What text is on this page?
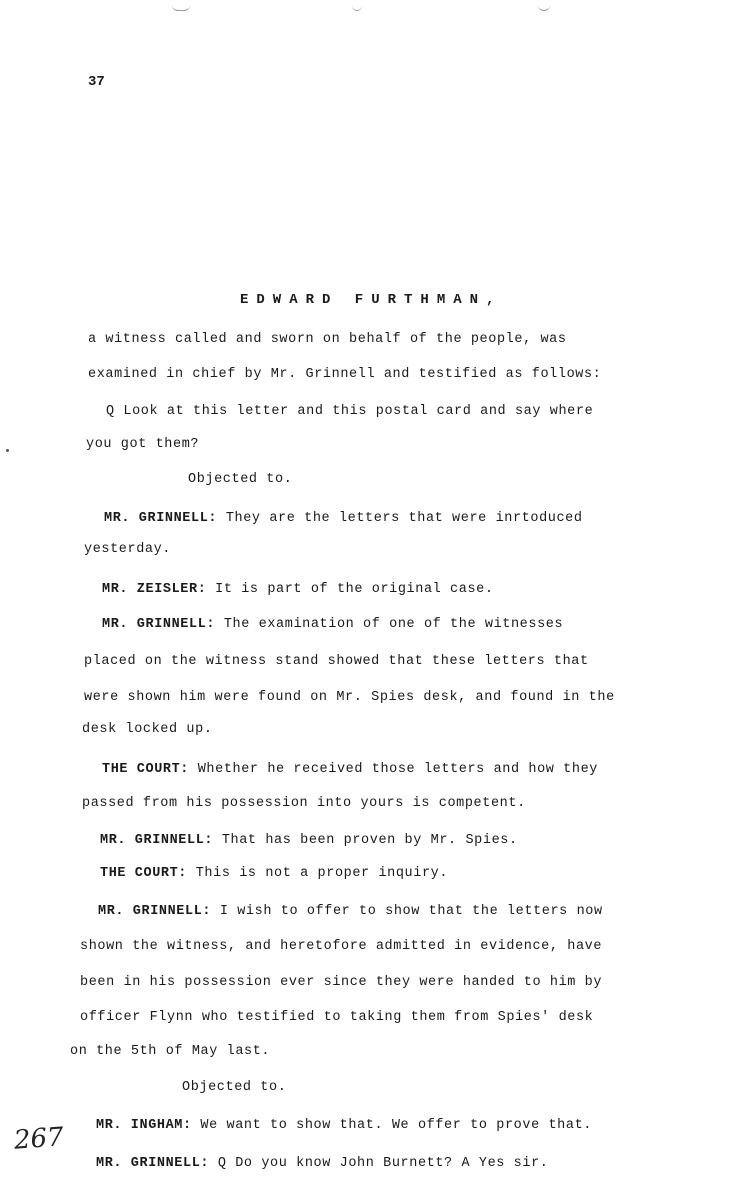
37
EDWARD FURTHMAN,
a witness called and sworn on behalf of the people, was
examined in chief by Mr. Grinnell and testified as follows:
Q Look at this letter and this postal card and say where
you got them?
Objected to.
MR. GRINNELL: They are the letters that were inrtoduced
yesterday.
MR. ZEISLER: It is part of the original case.
MR. GRINNELL: The examination of one of the witnesses
placed on the witness stand showed that these letters that
were shown him were found on Mr. Spies desk, and found in the
desk locked up.
THE COURT: Whether he received those letters and how they
passed from his possession into yours is competent.
MR. GRINNELL: That has been proven by Mr. Spies.
THE COURT: This is not a proper inquiry.
MR. GRINNELL: I wish to offer to show that the letters now
shown the witness, and heretofore admitted in evidence, have
been in his possession ever since they were handed to him by
officer Flynn who testified to taking them from Spies' desk
on the 5th of May last.
Objected to.
MR. INGHAM: We want to show that. We offer to prove that.
MR. GRINNELL: Q Do you know John Burnett? A Yes sir.
267
